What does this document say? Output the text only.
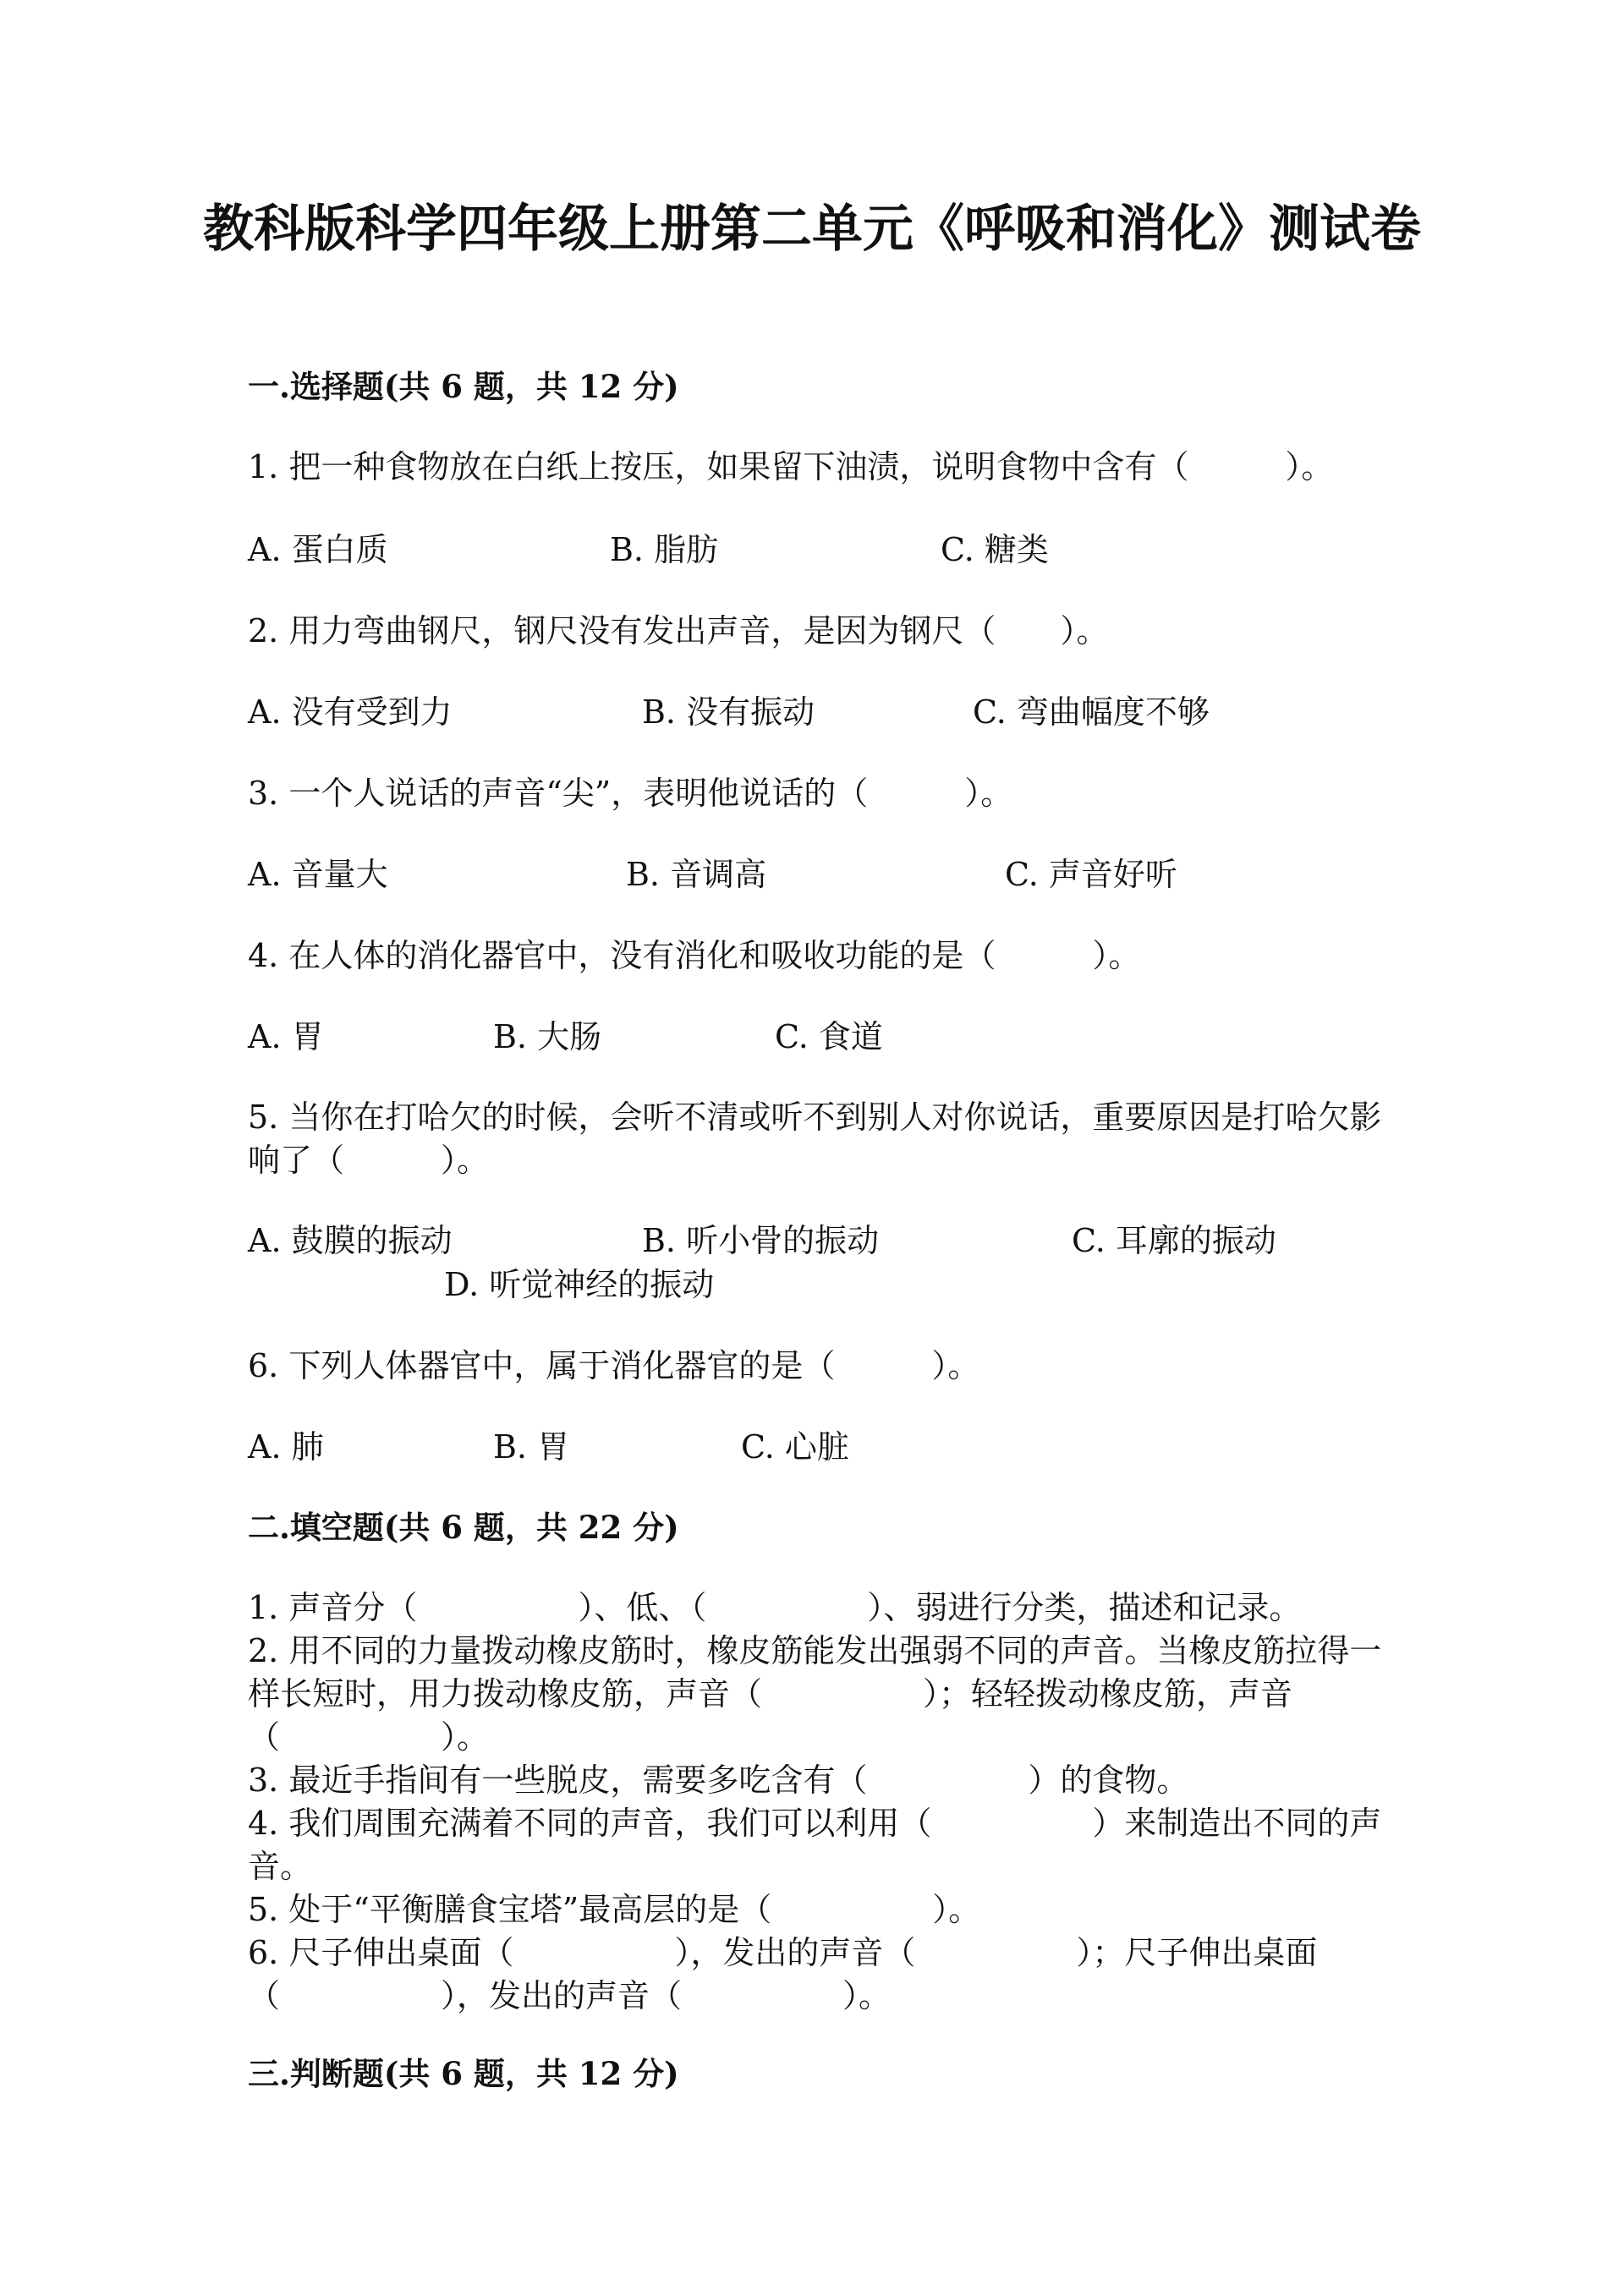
教科版科学四年级上册第二单元《呼吸和消化》测试卷
一.选择题(共 6 题，共 12 分)
1. 把一种食物放在白纸上按压，如果留下油渍，说明食物中含有（　　　）。
A. 蛋白质	B. 脂肪	C. 糖类
2. 用力弯曲钢尺，钢尺没有发出声音，是因为钢尺（　　）。
A. 没有受到力	B. 没有振动	C. 弯曲幅度不够
3. 一个人说话的声音“尖”，表明他说话的（　　　）。
A. 音量大	B. 音调高	C. 声音好听
4. 在人体的消化器官中，没有消化和吸收功能的是（　　　）。
A. 胃	B. 大肠	C. 食道
5. 当你在打哈欠的时候，会听不清或听不到别人对你说话，重要原因是打哈欠影响了（　　　）。
A. 鼓膜的振动	B. 听小骨的振动	C. 耳廓的振动
D. 听觉神经的振动
6. 下列人体器官中，属于消化器官的是（　　　）。
A. 肺	B. 胃	C. 心脏
二.填空题(共 6 题，共 22 分)
1. 声音分（　　　　　）、低、（　　　　　）、弱进行分类，描述和记录。
2. 用不同的力量拨动橡皮筋时，橡皮筋能发出强弱不同的声音。当橡皮筋拉得一样长短时，用力拨动橡皮筋，声音（　　　　　）；轻轻拨动橡皮筋，声音（　　　　　）。
3. 最近手指间有一些脱皮，需要多吃含有（　　　　　）的食物。
4. 我们周围充满着不同的声音，我们可以利用（　　　　　）来制造出不同的声音。
5. 处于“平衡膳食宝塔”最高层的是（　　　　　）。
6. 尺子伸出桌面（　　　　　），发出的声音（　　　　　）；尺子伸出桌面（　　　　　），发出的声音（　　　　　）。
三.判断题(共 6 题，共 12 分)
